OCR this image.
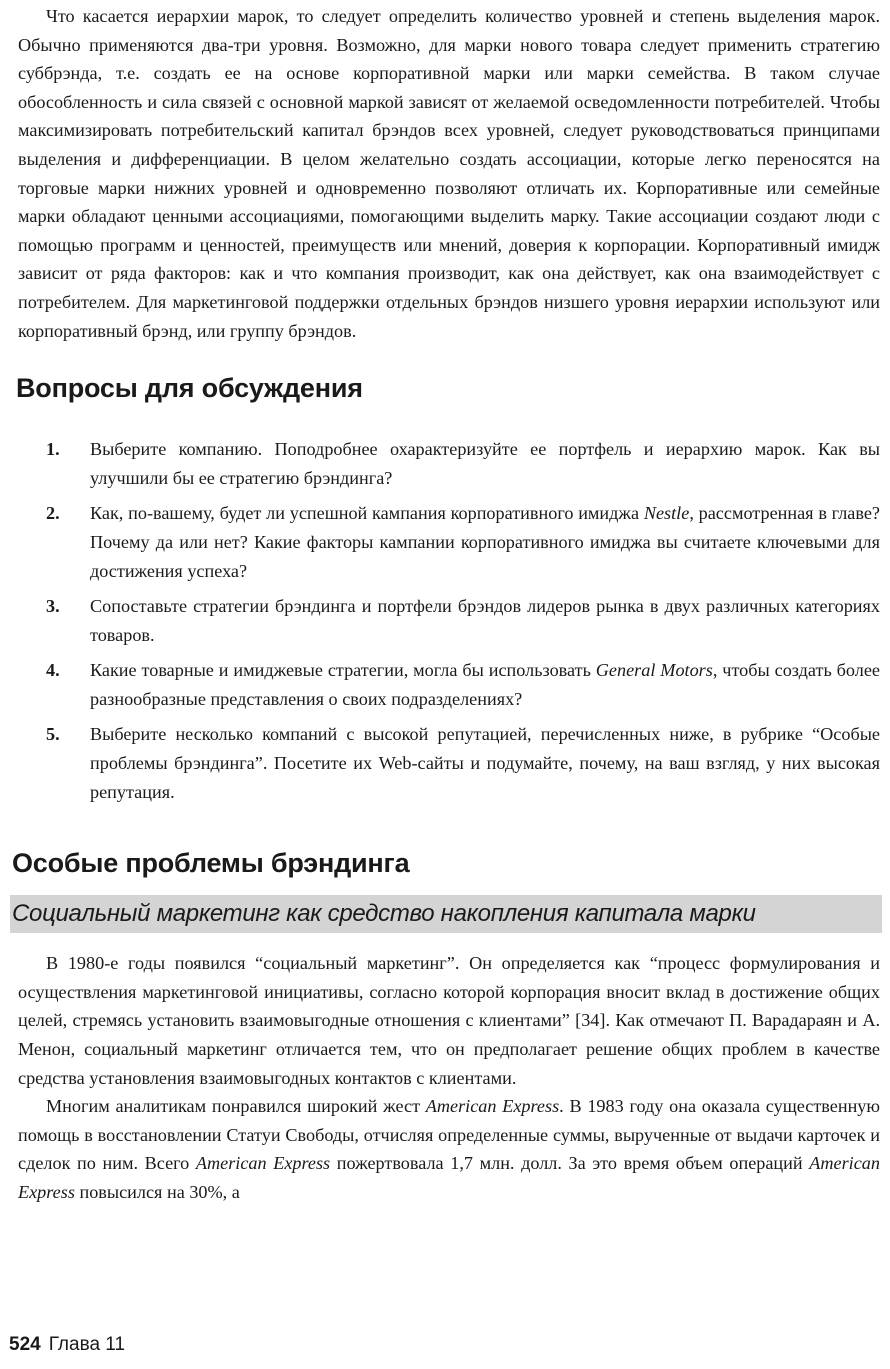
Что касается иерархии марок, то следует определить количество уровней и степень выделения марок. Обычно применяются два-три уровня. Возможно, для марки нового товара следует применить стратегию суббрэнда, т.е. создать ее на основе корпоративной марки или марки семейства. В таком случае обособленность и сила связей с основной маркой зависят от желаемой осведомленности потребителей. Чтобы максимизировать потребительский капитал брэндов всех уровней, следует руководствоваться принципами выделения и дифференциации. В целом желательно создать ассоциации, которые легко переносятся на торговые марки нижних уровней и одновременно позволяют отличать их. Корпоративные или семейные марки обладают ценными ассоциациями, помогающими выделить марку. Такие ассоциации создают люди с помощью программ и ценностей, преимуществ или мнений, доверия к корпорации. Корпоративный имидж зависит от ряда факторов: как и что компания производит, как она действует, как она взаимодействует с потребителем. Для маркетинговой поддержки отдельных брэндов низшего уровня иерархии используют или корпоративный брэнд, или группу брэндов.

Вопросы для обсуждения
1. Выберите компанию. Поподробнее охарактеризуйте ее портфель и иерархию марок. Как вы улучшили бы ее стратегию брэндинга?
2. Как, по-вашему, будет ли успешной кампания корпоративного имиджа Nestle, рассмотренная в главе? Почему да или нет? Какие факторы кампании корпоративного имиджа вы считаете ключевыми для достижения успеха?
3. Сопоставьте стратегии брэндинга и портфели брэндов лидеров рынка в двух различных категориях товаров.
4. Какие товарные и имиджевые стратегии, могла бы использовать General Motors, чтобы создать более разнообразные представления о своих подразделениях?
5. Выберите несколько компаний с высокой репутацией, перечисленных ниже, в рубрике “Особые проблемы брэндинга”. Посетите их Web-сайты и подумайте, почему, на ваш взгляд, у них высокая репутация.
Особые проблемы брэндинга
Социальный маркетинг как средство накопления капитала марки

В 1980-е годы появился “социальный маркетинг”. Он определяется как “процесс формулирования и осуществления маркетинговой инициативы, согласно которой корпорация вносит вклад в достижение общих целей, стремясь установить взаимовыгодные отношения с клиентами” [34]. Как отмечают П. Варадараян и А. Менон, социальный маркетинг отличается тем, что он предполагает решение общих проблем в качестве средства установления взаимовыгодных контактов с клиентами.

Многим аналитикам понравился широкий жест American Express. В 1983 году она оказала существенную помощь в восстановлении Статуи Свободы, отчисляя определенные суммы, вырученные от выдачи карточек и сделок по ним. Всего American Express пожертвовала 1,7 млн. долл. За это время объем операций American Express повысился на 30%, а

524 Глава 11
